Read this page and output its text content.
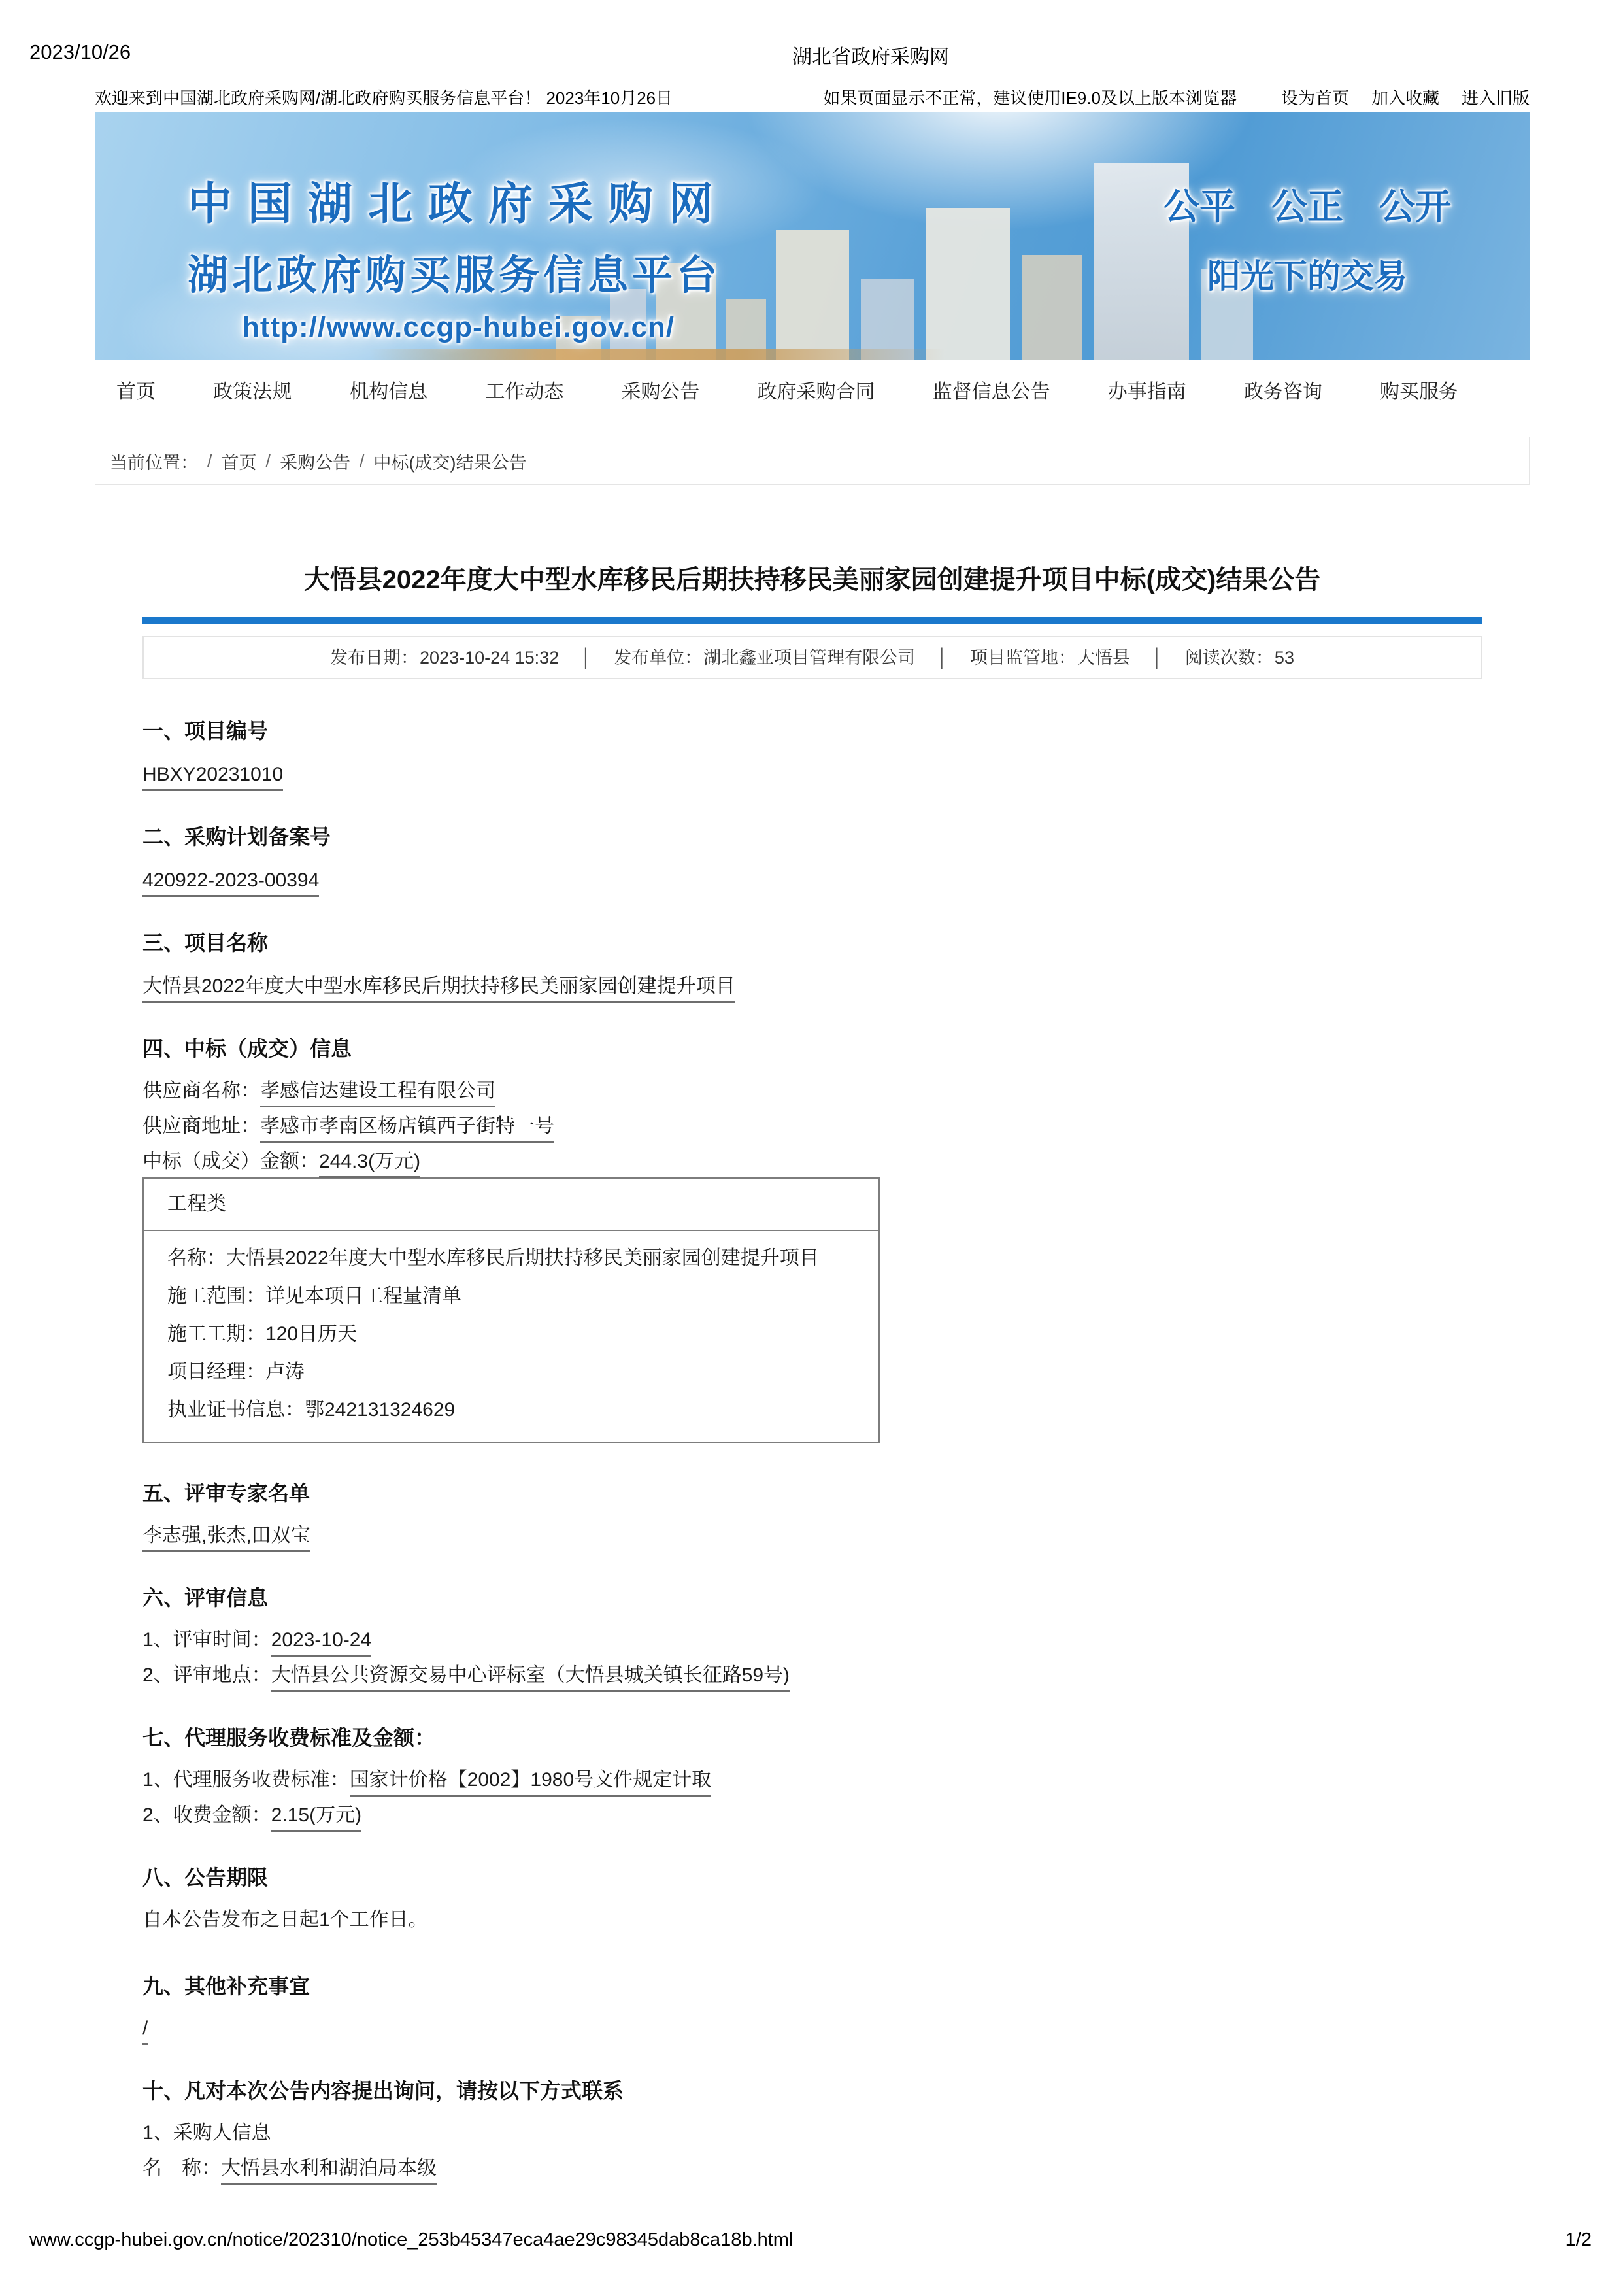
2023/10/26	湖北省政府采购网
欢迎来到中国湖北政府采购网/湖北政府购买服务信息平台！ 2023年10月26日	如果页面显示不正常，建议使用IE9.0及以上版本浏览器	设为首页 加入收藏 进入旧版
中国湖北政府采购网
湖北政府购买服务信息平台
http://www.ccgp-hubei.gov.cn/
公平　公正　公开
阳光下的交易
首页	政策法规	机构信息	工作动态	采购公告	政府采购合同	监督信息公告	办事指南	政务咨询	购买服务
当前位置： / 首页 / 采购公告 / 中标(成交)结果公告
大悟县2022年度大中型水库移民后期扶持移民美丽家园创建提升项目中标(成交)结果公告
发布日期：2023-10-24 15:32 │ 发布单位：湖北鑫亚项目管理有限公司 │ 项目监管地：大悟县 │ 阅读次数：53
一、项目编号

HBXY20231010

二、采购计划备案号

420922-2023-00394

三、项目名称

大悟县2022年度大中型水库移民后期扶持移民美丽家园创建提升项目

四、中标（成交）信息

供应商名称：孝感信达建设工程有限公司

供应商地址：孝感市孝南区杨店镇西子街特一号

中标（成交）金额：244.3(万元)

工程类

名称：大悟县2022年度大中型水库移民后期扶持移民美丽家园创建提升项目

施工范围：详见本项目工程量清单

施工工期：120日历天

项目经理：卢涛

执业证书信息：鄂242131324629

五、评审专家名单

李志强,张杰,田双宝

六、评审信息

1、评审时间：2023-10-24

2、评审地点：大悟县公共资源交易中心评标室（大悟县城关镇长征路59号)

七、代理服务收费标准及金额：

1、代理服务收费标准：国家计价格【2002】1980号文件规定计取

2、收费金额：2.15(万元)

八、公告期限

自本公告发布之日起1个工作日。

九、其他补充事宜

/

十、凡对本次公告内容提出询问，请按以下方式联系

1、采购人信息

名　称：大悟县水利和湖泊局本级

www.ccgp-hubei.gov.cn/notice/202310/notice_253b45347eca4ae29c98345dab8ca18b.html	1/2
